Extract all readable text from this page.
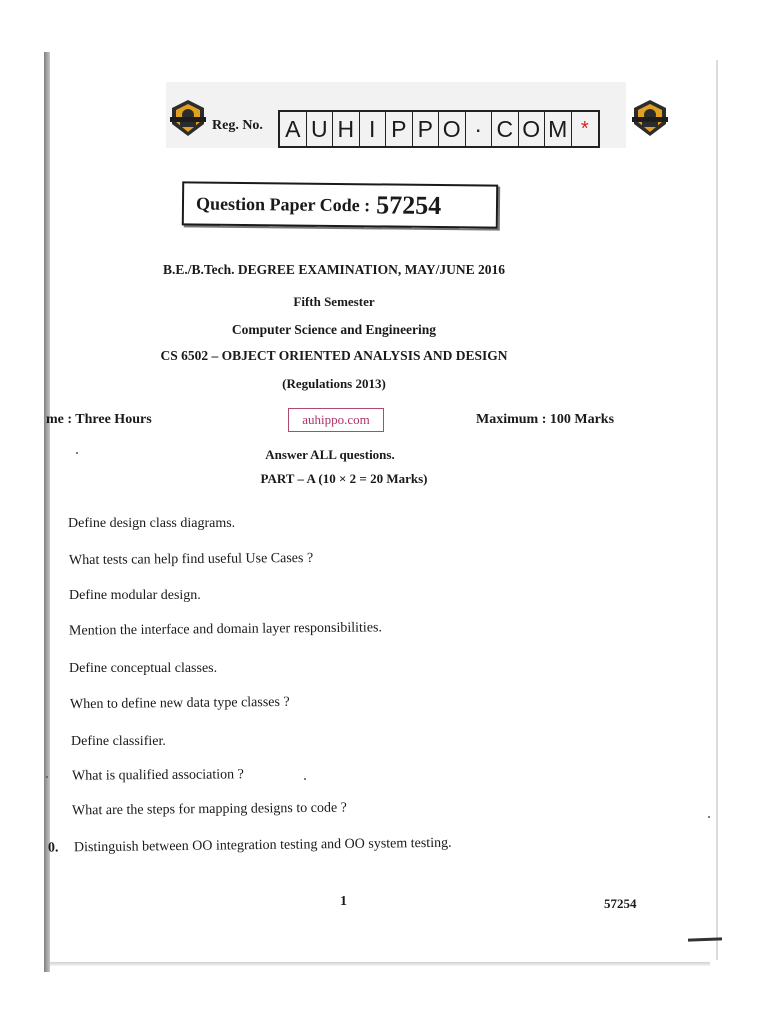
Reg. No. A U H I P P O · C O M *
Question Paper Code : 57254
B.E./B.Tech. DEGREE EXAMINATION, MAY/JUNE 2016
Fifth Semester
Computer Science and Engineering
CS 6502 – OBJECT ORIENTED ANALYSIS AND DESIGN
(Regulations 2013)
me : Three Hours	auhippo.com	Maximum : 100 Marks
Answer ALL questions.
PART – A (10 × 2 = 20 Marks)
Define design class diagrams.
What tests can help find useful Use Cases ?
Define modular design.
Mention the interface and domain layer responsibilities.
Define conceptual classes.
When to define new data type classes ?
Define classifier.
What is qualified association ?
What are the steps for mapping designs to code ?
0. Distinguish between OO integration testing and OO system testing.
1	57254
